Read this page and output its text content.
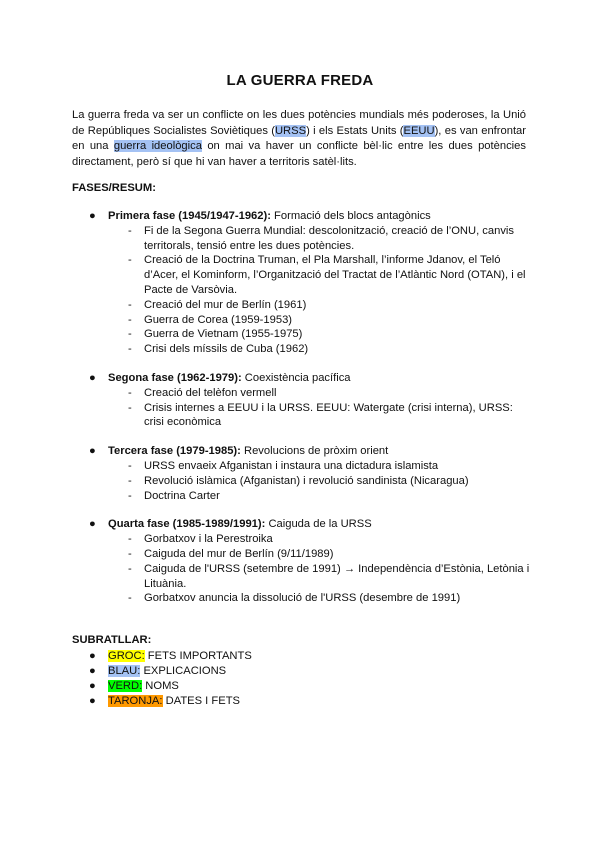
LA GUERRA FREDA

La guerra freda va ser un conflicte on les dues potències mundials més poderoses, la Unió de Repúbliques Socialistes Soviètiques (URSS) i els Estats Units (EEUU), es van enfrontar en una guerra ideològica on mai va haver un conflicte bèl·lic entre les dues potències directament, però sí que hi van haver a territoris satèl·lits.

FASES/RESUM:
● Primera fase (1945/1947-1962): Formació dels blocs antagònics
- Fi de la Segona Guerra Mundial: descolonització, creació de l’ONU, canvis territorals, tensió entre les dues potències.
- Creació de la Doctrina Truman, el Pla Marshall, l’informe Jdanov, el Teló d’Acer, el Kominform, l’Organització del Tractat de l’Atlàntic Nord (OTAN), i el Pacte de Varsòvia.
- Creació del mur de Berlín (1961)
- Guerra de Corea (1959-1953)
- Guerra de Vietnam (1955-1975)
- Crisi dels míssils de Cuba (1962)
● Segona fase (1962-1979): Coexistència pacífica
- Creació del telèfon vermell
- Crisis internes a EEUU i la URSS. EEUU: Watergate (crisi interna), URSS: crisi econòmica
● Tercera fase (1979-1985): Revolucions de pròxim orient
- URSS envaeix Afganistan i instaura una dictadura islamista
- Revolució islàmica (Afganistan) i revolució sandinista (Nicaragua)
- Doctrina Carter
● Quarta fase (1985-1989/1991): Caiguda de la URSS
- Gorbatxov i la Perestroika
- Caiguda del mur de Berlín (9/11/1989)
- Caiguda de l'URSS (setembre de 1991) → Independència d’Estònia, Letònia i Lituània.
- Gorbatxov anuncia la dissolució de l'URSS (desembre de 1991)
SUBRATLLAR:
● GROC: FETS IMPORTANTS
● BLAU: EXPLICACIONS
● VERD: NOMS
● TARONJA: DATES I FETS
